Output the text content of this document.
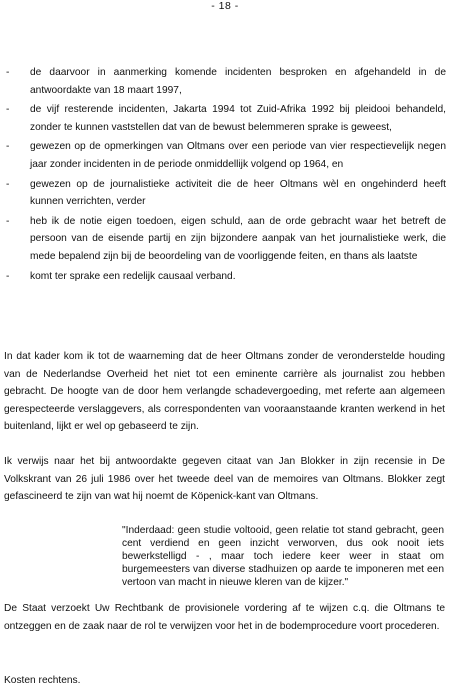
- 18 -
- de daarvoor in aanmerking komende incidenten besproken en afgehandeld in de antwoordakte van 18 maart 1997,
- de vijf resterende incidenten, Jakarta 1994 tot Zuid-Afrika 1992 bij pleidooi behandeld, zonder te kunnen vaststellen dat van de bewust belemmeren sprake is geweest,
- gewezen op de opmerkingen van Oltmans over een periode van vier respectievelijk negen jaar zonder incidenten in de periode onmiddellijk volgend op 1964, en
- gewezen op de journalistieke activiteit die de heer Oltmans wèl en ongehinderd heeft kunnen verrichten, verder
- heb ik de notie eigen toedoen, eigen schuld, aan de orde gebracht waar het betreft de persoon van de eisende partij en zijn bijzondere aanpak van het journalistieke werk, die mede bepalend zijn bij de beoordeling van de voorliggende feiten, en thans als laatste
- komt ter sprake een redelijk causaal verband.

In dat kader kom ik tot de waarneming dat de heer Oltmans zonder de veronderstelde houding van de Nederlandse Overheid het niet tot een eminente carrière als journalist zou hebben gebracht. De hoogte van de door hem verlangde schadevergoeding, met referte aan algemeen gerespecteerde verslaggevers, als correspondenten van vooraanstaande kranten werkend in het buitenland, lijkt er wel op gebaseerd te zijn.

Ik verwijs naar het bij antwoordakte gegeven citaat van Jan Blokker in zijn recensie in De Volkskrant van 26 juli 1986 over het tweede deel van de memoires van Oltmans. Blokker zegt gefascineerd te zijn van wat hij noemt de Köpenick-kant van Oltmans.

"Inderdaad: geen studie voltooid, geen relatie tot stand gebracht, geen cent verdiend en geen inzicht verworven, dus ook nooit iets bewerkstelligd - , maar toch iedere keer weer in staat om burgemeesters van diverse stadhuizen op aarde te imponeren met een vertoon van macht in nieuwe kleren van de kijzer."

De Staat verzoekt Uw Rechtbank de provisionele vordering af te wijzen c.q. die Oltmans te ontzeggen en de zaak naar de rol te verwijzen voor het in de bodemprocedure voort procederen.

Kosten rechtens.
